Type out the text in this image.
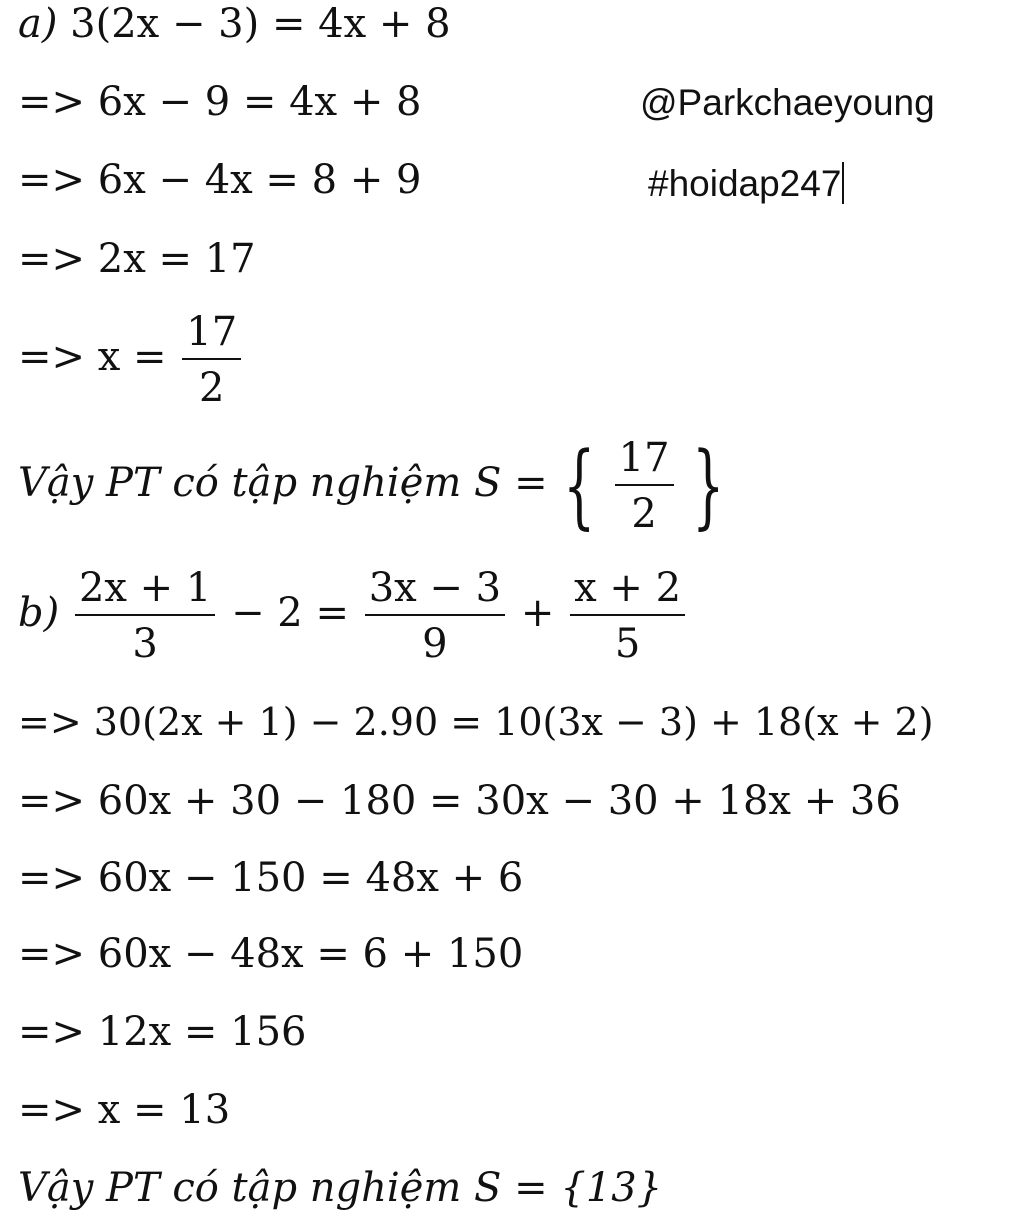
a) 3(2x − 3) = 4x + 8
=> 6x − 9 = 4x + 8
=> 6x − 4x = 8 + 9
=> 2x = 17
=> $x = \frac{17}{2}$
Vậy PT có tập nghiệm S = { $\frac{17}{2}$ }
$b) \frac{2x + 1}{3} - 2 = \frac{3x - 3}{9} + \frac{x + 2}{5}$
=> 30(2x + 1) − 2.90 = 10(3x − 3) + 18(x + 2)
=> 60x + 30 − 180 = 30x − 30 + 18x + 36
=> 60x − 150 = 48x + 6
=> 60x − 48x = 6 + 150
=> 12x = 156
=> x = 13
Vậy PT có tập nghiệm S = {13}
@Parkchaeyoung
#hoidap247
